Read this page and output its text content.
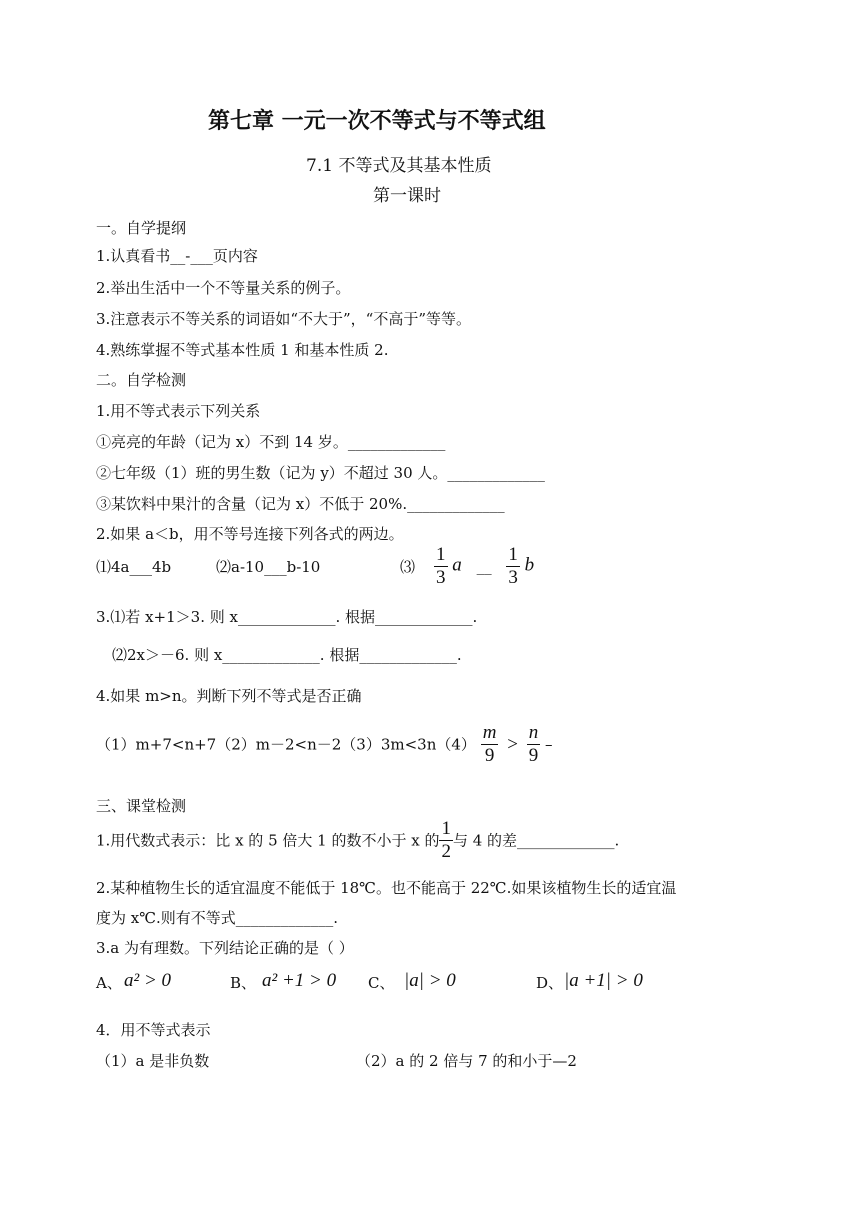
第七章 一元一次不等式与不等式组
7.1 不等式及其基本性质
第一课时
一。自学提纲
1.认真看书__-___页内容
2.举出生活中一个不等量关系的例子。
3.注意表示不等关系的词语如“不大于”，“不高于”等等。
4.熟练掌握不等式基本性质 1 和基本性质 2.
二。自学检测
1.用不等式表示下列关系
①亮亮的年龄（记为 x）不到 14 岁。_____________
②七年级（1）班的男生数（记为 y）不超过 30 人。_____________
③某饮料中果汁的含量（记为 x）不低于 20%._____________
2.如果 a＜b，用不等号连接下列各式的两边。
⑴4a___4b	⑵a-10___b-10	⑶ $\frac{1}{3}$ a __ $\frac{1}{3}$ b
3.⑴若 x+1＞3. 则 x_____________. 根据_____________.
⑵2x＞－6. 则 x_____________. 根据_____________.
4.如果 m>n。判断下列不等式是否正确
$(1)m+7<n+7(2)m-2<n-2(3)3m<3n(4) \frac{m}{9} > \frac{n}{9}$ –
三、课堂检测
1.用代数式表示：比 x 的 5 倍大 1 的数不小于 x 的 $\frac{1}{2}$ 与 4 的差_____________.
2.某种植物生长的适宜温度不能低于 18℃。也不能高于 22℃.如果该植物生长的适宜温
度为 x℃.则有不等式_____________.
3.a 为有理数。下列结论正确的是（ ）
A、 a² > 0	B、 a² +1 > 0 C、 |a| > 0	D、 |a +1| > 0
4．用不等式表示
（1）a 是非负数	（2）a 的 2 倍与 7 的和小于—2
